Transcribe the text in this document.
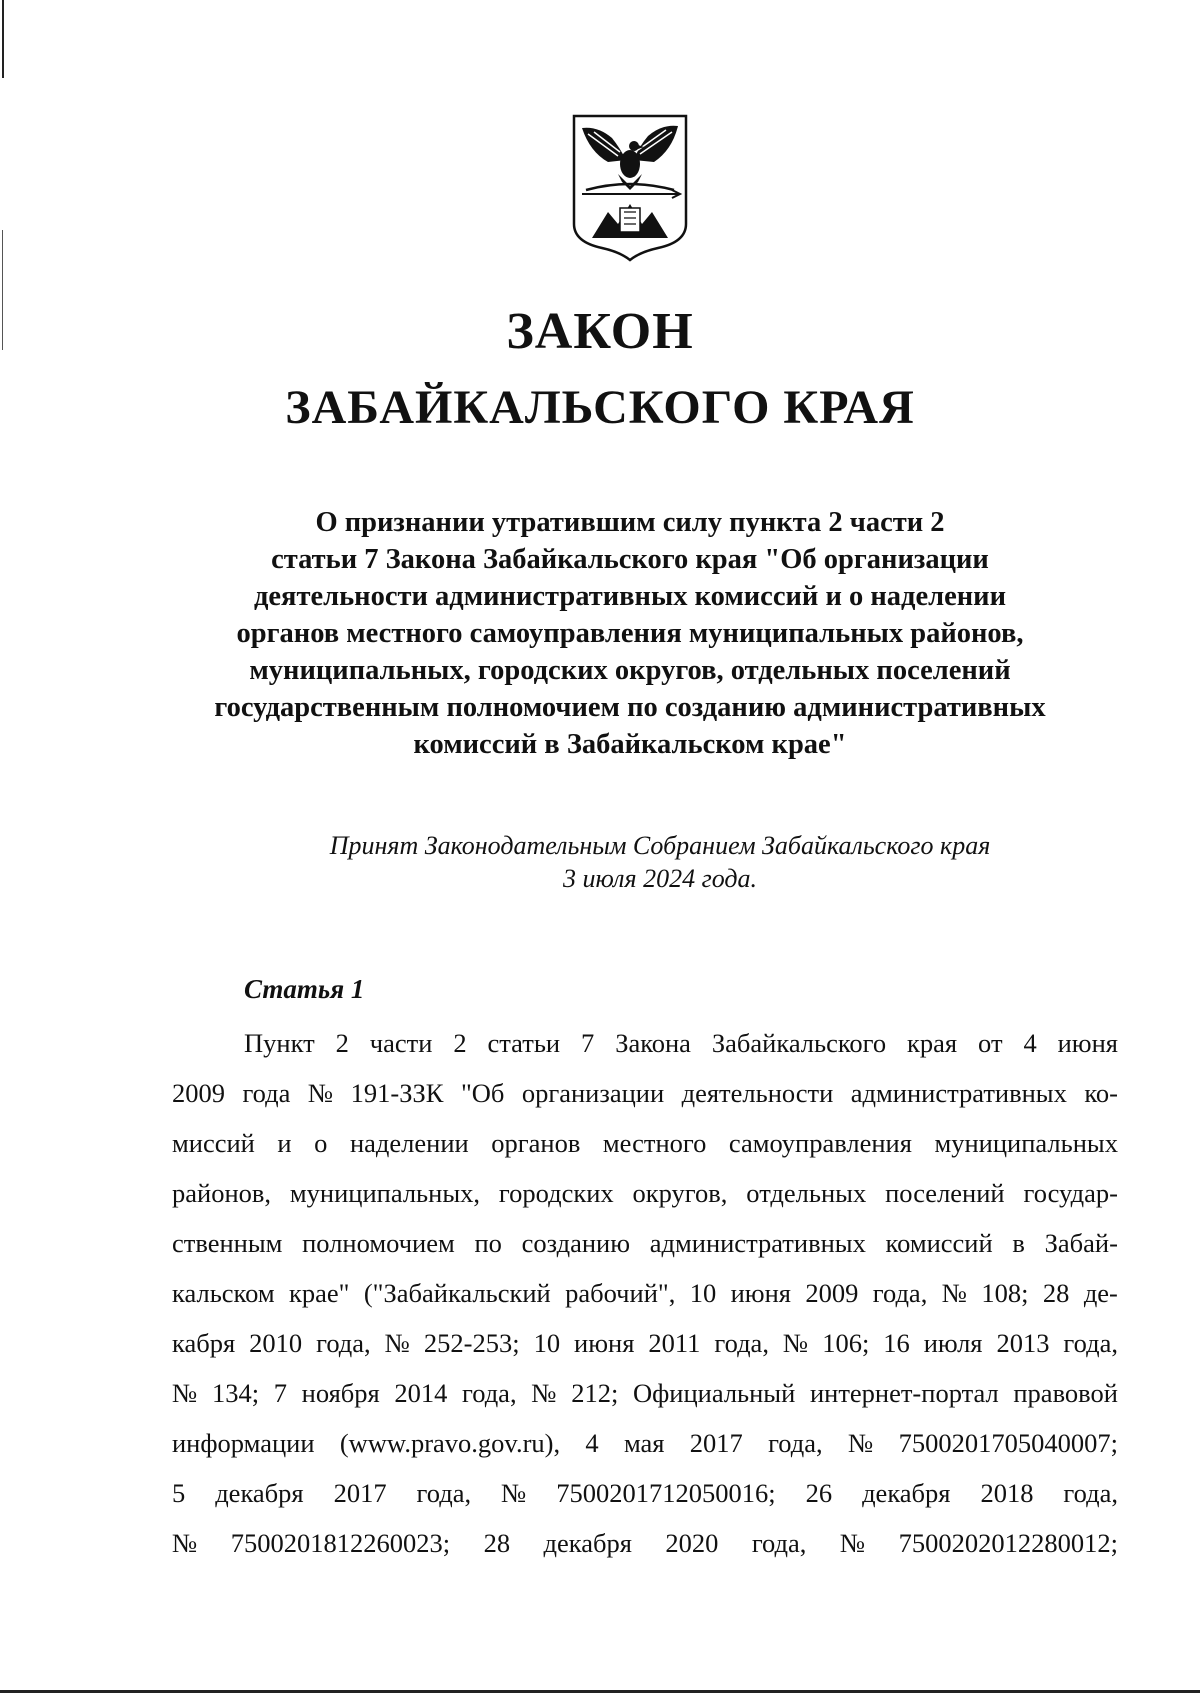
ЗАКОН
ЗАБАЙКАЛЬСКОГО КРАЯ
О признании утратившим силу пункта 2 части 2
статьи 7 Закона Забайкальского края "Об организации
деятельности административных комиссий и о наделении
органов местного самоуправления муниципальных районов,
муниципальных, городских округов, отдельных поселений
государственным полномочием по созданию административных
комиссий в Забайкальском крае"
Принят Законодательным Собранием Забайкальского края
3 июля 2024 года.
Статья 1
Пункт 2 части 2 статьи 7 Закона Забайкальского края от 4 июня
2009 года № 191-ЗЗК "Об организации деятельности административных ко-
миссий и о наделении органов местного самоуправления муниципальных
районов, муниципальных, городских округов, отдельных поселений государ-
ственным полномочием по созданию административных комиссий в Забай-
кальском крае" ("Забайкальский рабочий", 10 июня 2009 года, № 108; 28 де-
кабря 2010 года, № 252-253; 10 июня 2011 года, № 106; 16 июля 2013 года,
№ 134; 7 ноября 2014 года, № 212; Официальный интернет-портал правовой
информации (www.pravo.gov.ru), 4 мая 2017 года, № 7500201705040007;
5 декабря 2017 года, № 7500201712050016; 26 декабря 2018 года,
№ 7500201812260023; 28 декабря 2020 года, № 7500202012280012;
